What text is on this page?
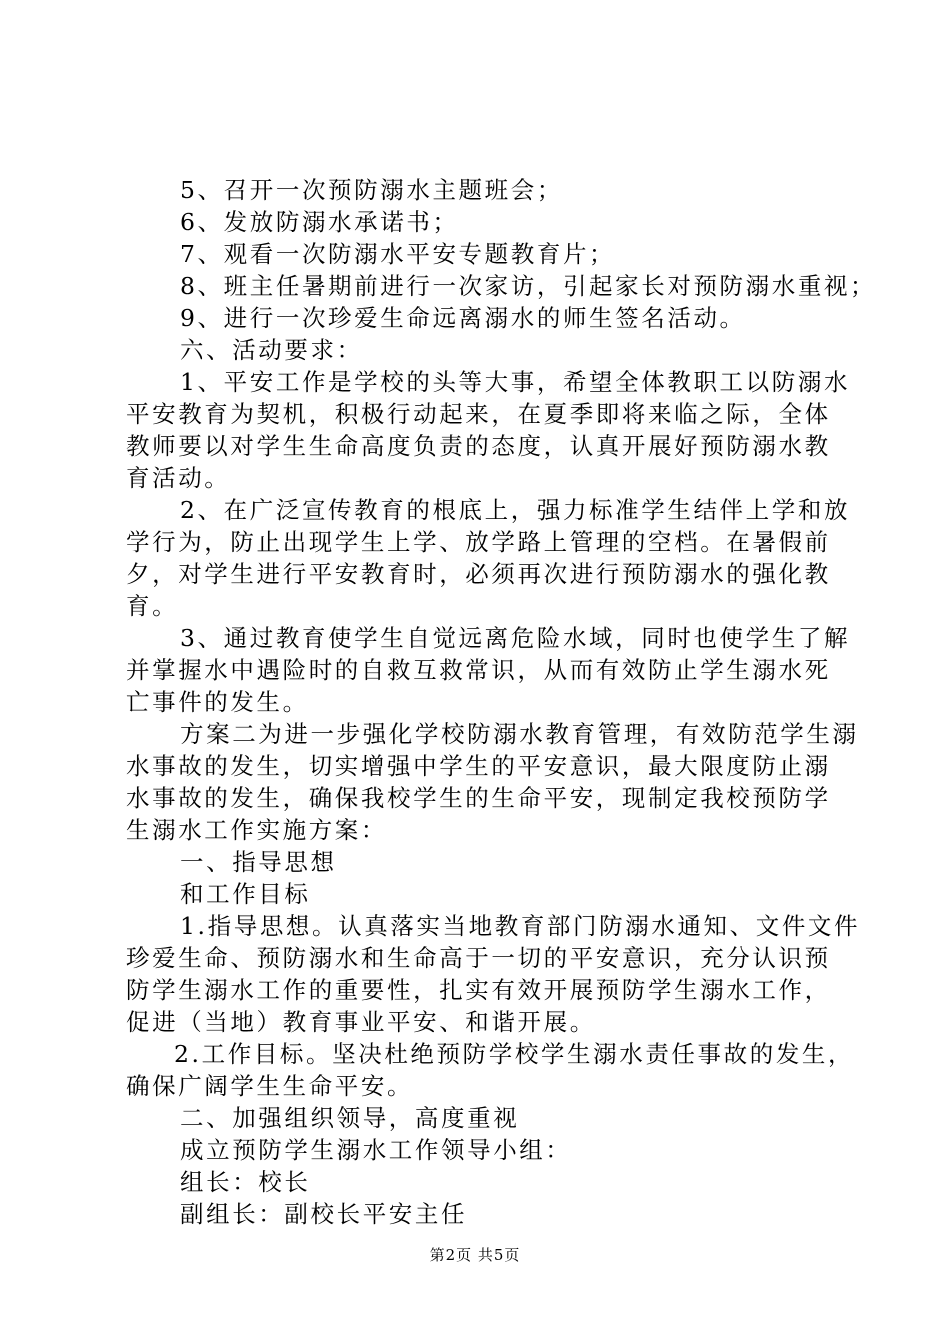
5、召开一次预防溺水主题班会；
6、发放防溺水承诺书；
7、观看一次防溺水平安专题教育片；
8、班主任暑期前进行一次家访，引起家长对预防溺水重视；
9、进行一次珍爱生命远离溺水的师生签名活动。
六、活动要求：
1、平安工作是学校的头等大事，希望全体教职工以防溺水
平安教育为契机，积极行动起来，在夏季即将来临之际，全体
教师要以对学生生命高度负责的态度，认真开展好预防溺水教
育活动。
2、在广泛宣传教育的根底上，强力标准学生结伴上学和放
学行为，防止出现学生上学、放学路上管理的空档。在暑假前
夕，对学生进行平安教育时，必须再次进行预防溺水的强化教
育。
3、通过教育使学生自觉远离危险水域，同时也使学生了解
并掌握水中遇险时的自救互救常识，从而有效防止学生溺水死
亡事件的发生。
方案二为进一步强化学校防溺水教育管理，有效防范学生溺
水事故的发生，切实增强中学生的平安意识，最大限度防止溺
水事故的发生，确保我校学生的生命平安，现制定我校预防学
生溺水工作实施方案：
一、指导思想
和工作目标
1.指导思想。认真落实当地教育部门防溺水通知、文件文件
珍爱生命、预防溺水和生命高于一切的平安意识，充分认识预
防学生溺水工作的重要性，扎实有效开展预防学生溺水工作，
促进（当地）教育事业平安、和谐开展。
2.工作目标。坚决杜绝预防学校学生溺水责任事故的发生，
确保广阔学生生命平安。
二、加强组织领导，高度重视
成立预防学生溺水工作领导小组：
组长：校长
副组长：副校长平安主任
第2页 共5页
